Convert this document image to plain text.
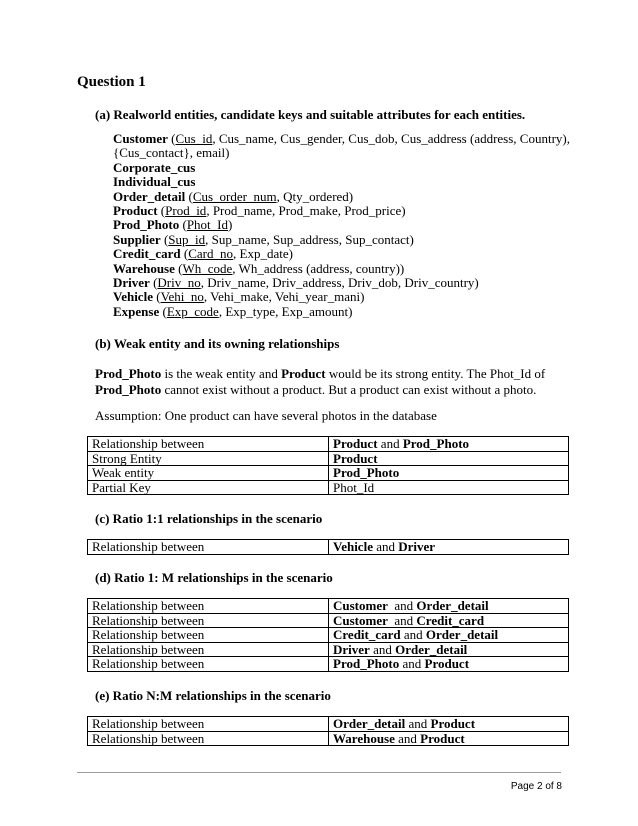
Question 1
(a) Realworld entities, candidate keys and suitable attributes for each entities.
Customer (Cus_id, Cus_name, Cus_gender, Cus_dob, Cus_address (address, Country),
{Cus_contact}, email)
Corporate_cus
Individual_cus
Order_detail (Cus_order_num, Qty_ordered)
Product (Prod_id, Prod_name, Prod_make, Prod_price)
Prod_Photo (Phot_Id)
Supplier (Sup_id, Sup_name, Sup_address, Sup_contact)
Credit_card (Card_no, Exp_date)
Warehouse (Wh_code, Wh_address (address, country))
Driver (Driv_no, Driv_name, Driv_address, Driv_dob, Driv_country)
Vehicle (Vehi_no, Vehi_make, Vehi_year_mani)
Expense (Exp_code, Exp_type, Exp_amount)
(b) Weak entity and its owning relationships
Prod_Photo is the weak entity and Product would be its strong entity. The Phot_Id of
Prod_Photo cannot exist without a product. But a product can exist without a photo.
Assumption: One product can have several photos in the database
Relationship between	Product and Prod_Photo
Strong Entity	Product
Weak entity	Prod_Photo
Partial Key	Phot_Id
(c) Ratio 1:1 relationships in the scenario
Relationship between	Vehicle and Driver
(d) Ratio 1: M relationships in the scenario
Relationship between	Customer  and Order_detail
Relationship between	Customer  and Credit_card
Relationship between	Credit_card and Order_detail
Relationship between	Driver and Order_detail
Relationship between	Prod_Photo and Product
(e) Ratio N:M relationships in the scenario
Relationship between	Order_detail and Product
Relationship between	Warehouse and Product
Page 2 of 8
